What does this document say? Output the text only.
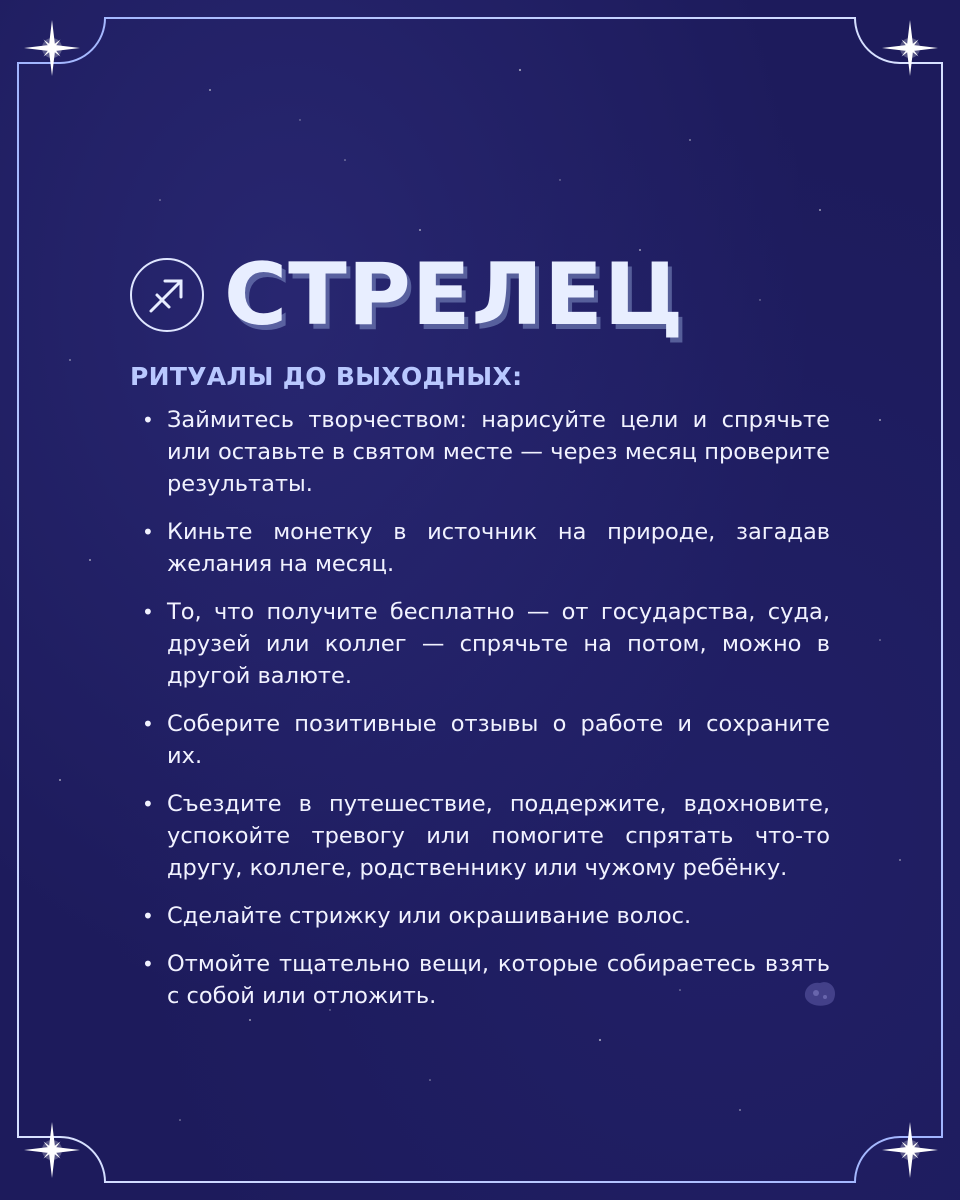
СТРЕЛЕЦ
РИТУАЛЫ ДО ВЫХОДНЫХ:
• Займитесь творчеством: нарисуйте цели и спрячьте или оставьте в святом месте — через месяц проверите результаты.
• Киньте монетку в источник на природе, загадав желания на месяц.
• То, что получите бесплатно — от государства, суда, друзей или коллег — спрячьте на потом, можно в другой валюте.
• Соберите позитивные отзывы о работе и сохраните их.
• Съездите в путешествие, поддержите, вдохновите, успокойте тревогу или помогите спрятать что-то другу, коллеге, родственнику или чужому ребёнку.
• Сделайте стрижку или окрашивание волос.
• Отмойте тщательно вещи, которые собираетесь взять с собой или отложить.
